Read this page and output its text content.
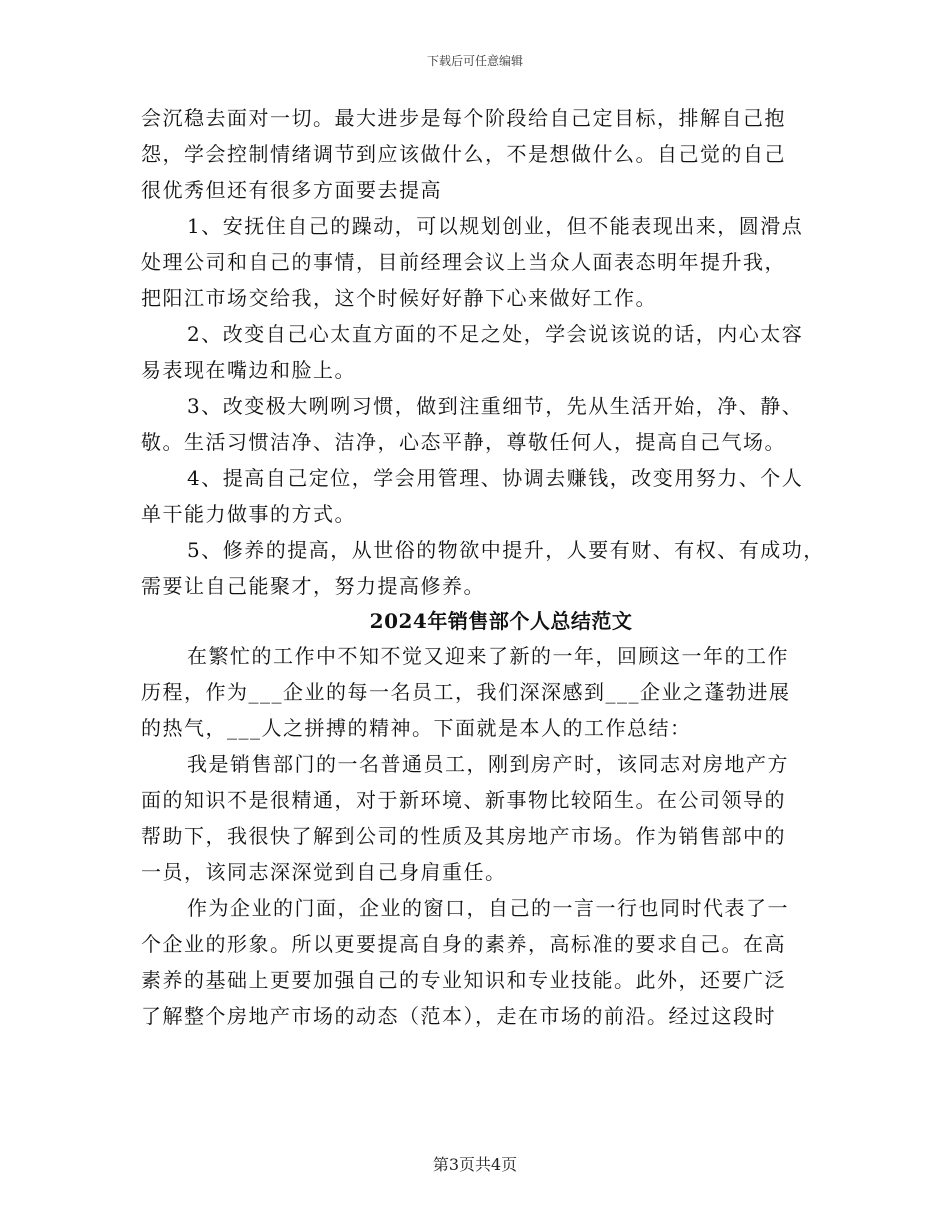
下载后可任意编辑
会沉稳去面对一切。最大进步是每个阶段给自己定目标，排解自己抱
怨，学会控制情绪调节到应该做什么，不是想做什么。自己觉的自己
很优秀但还有很多方面要去提高
1、安抚住自己的躁动，可以规划创业，但不能表现出来，圆滑点
处理公司和自己的事情，目前经理会议上当众人面表态明年提升我，
把阳江市场交给我，这个时候好好静下心来做好工作。
2、改变自己心太直方面的不足之处，学会说该说的话，内心太容
易表现在嘴边和脸上。
3、改变极大咧咧习惯，做到注重细节，先从生活开始，净、静、
敬。生活习惯洁净、洁净，心态平静，尊敬任何人，提高自己气场。
4、提高自己定位，学会用管理、协调去赚钱，改变用努力、个人
单干能力做事的方式。
5、修养的提高，从世俗的物欲中提升，人要有财、有权、有成功，
需要让自己能聚才，努力提高修养。
2024年销售部个人总结范文
在繁忙的工作中不知不觉又迎来了新的一年，回顾这一年的工作
历程，作为___企业的每一名员工，我们深深感到___企业之蓬勃进展
的热气，___人之拼搏的精神。下面就是本人的工作总结：
我是销售部门的一名普通员工，刚到房产时，该同志对房地产方
面的知识不是很精通，对于新环境、新事物比较陌生。在公司领导的
帮助下，我很快了解到公司的性质及其房地产市场。作为销售部中的
一员，该同志深深觉到自己身肩重任。
作为企业的门面，企业的窗口，自己的一言一行也同时代表了一
个企业的形象。所以更要提高自身的素养，高标准的要求自己。在高
素养的基础上更要加强自己的专业知识和专业技能。此外，还要广泛
了解整个房地产市场的动态（范本），走在市场的前沿。经过这段时
第3页共4页
